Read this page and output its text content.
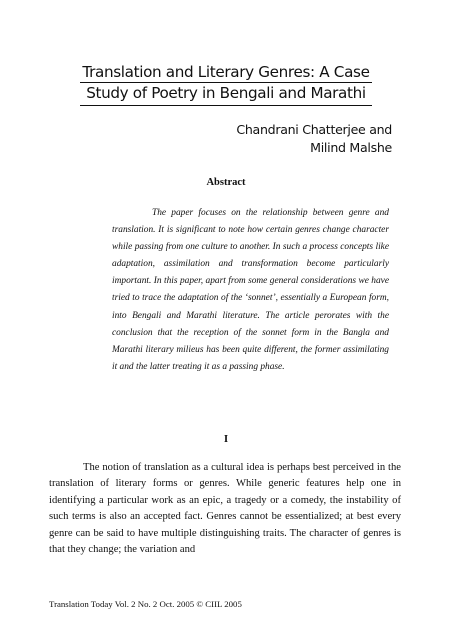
Translation and Literary Genres: A Case
Study of Poetry in Bengali and Marathi
Chandrani Chatterjee and
Milind Malshe
Abstract

The paper focuses on the relationship between genre and translation. It is significant to note how certain genres change character while passing from one culture to another. In such a process concepts like adaptation, assimilation and transformation become particularly important. In this paper, apart from some general considerations we have tried to trace the adaptation of the ‘sonnet’, essentially a European form, into Bengali and Marathi literature. The article perorates with the conclusion that the reception of the sonnet form in the Bangla and Marathi literary milieus has been quite different, the former assimilating it and the latter treating it as a passing phase.

I

The notion of translation as a cultural idea is perhaps best perceived in the translation of literary forms or genres. While generic features help one in identifying a particular work as an epic, a tragedy or a comedy, the instability of such terms is also an accepted fact. Genres cannot be essentialized; at best every genre can be said to have multiple distinguishing traits. The character of genres is that they change; the variation and

Translation Today Vol. 2 No. 2 Oct. 2005 © CIIL 2005
